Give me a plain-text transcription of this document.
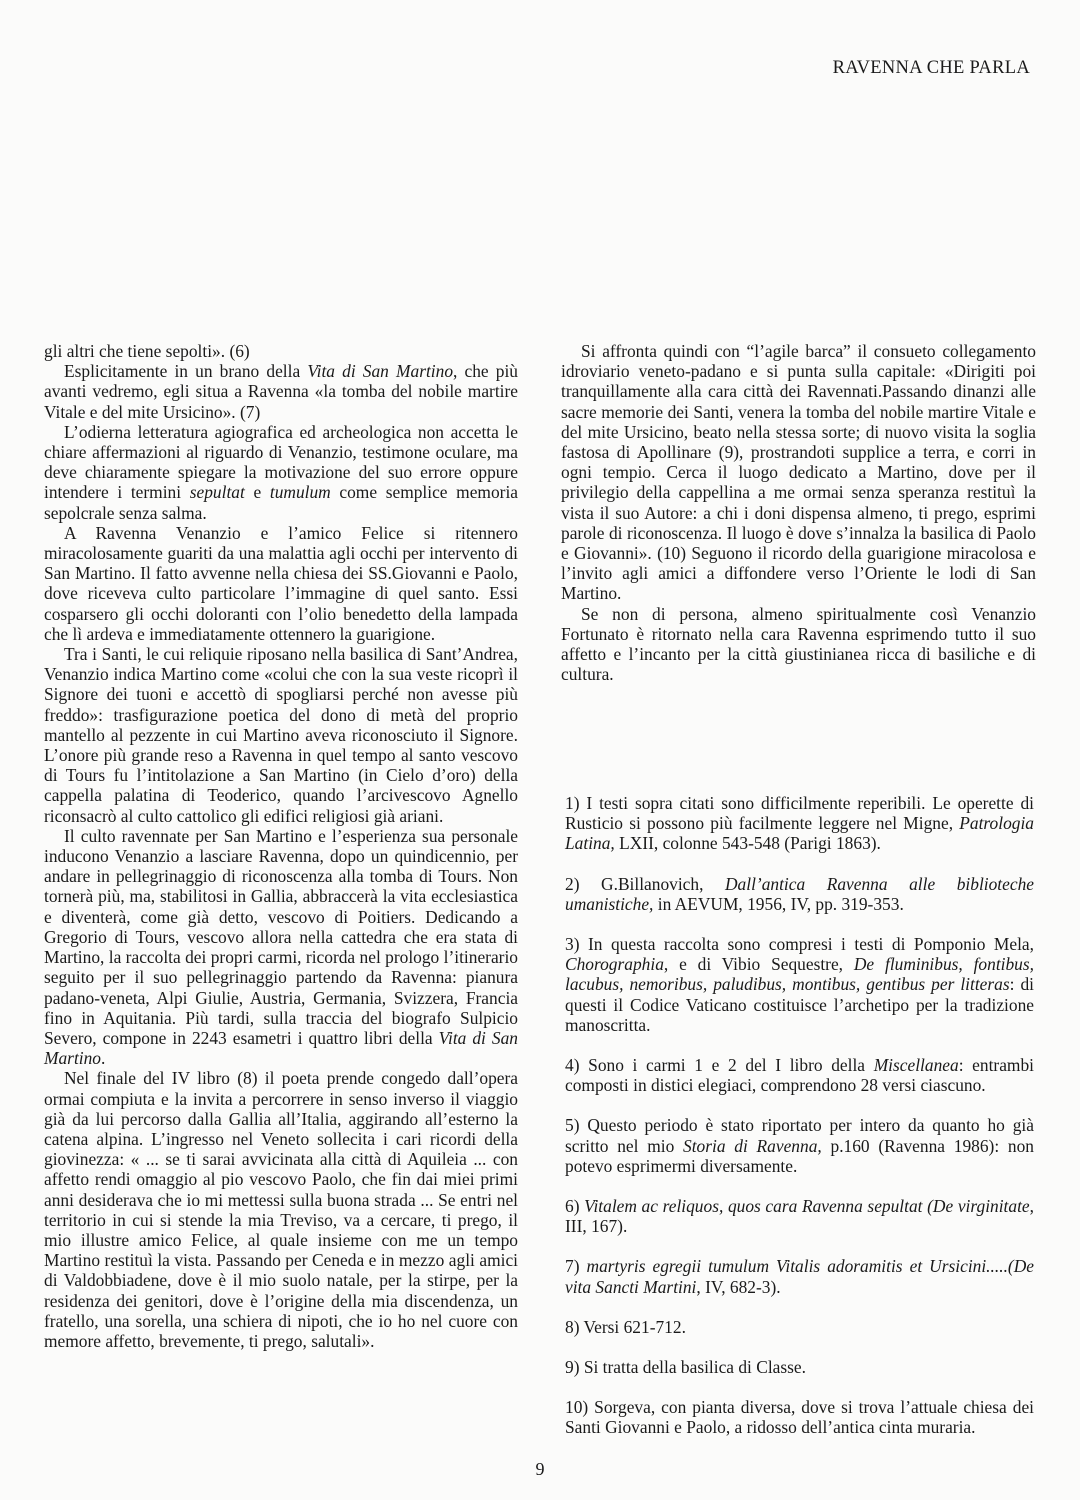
RAVENNA CHE PARLA

gli altri che tiene sepolti». (6)

Esplicitamente in un brano della Vita di San Martino, che più avanti vedremo, egli situa a Ravenna «la tomba del nobile martire Vitale e del mite Ursicino». (7)

L’odierna letteratura agiografica ed archeologica non accetta le chiare affermazioni al riguardo di Venanzio, testimone oculare, ma deve chiaramente spiegare la motivazione del suo errore oppure intendere i termini sepultat e tumulum come semplice memoria sepolcrale senza salma.

A Ravenna Venanzio e l’amico Felice si ritennero miracolosamente guariti da una malattia agli occhi per intervento di San Martino. Il fatto avvenne nella chiesa dei SS.Giovanni e Paolo, dove riceveva culto particolare l’immagine di quel santo. Essi cosparsero gli occhi doloranti con l’olio benedetto della lampada che lì ardeva e immediatamente ottennero la guarigione.

Tra i Santi, le cui reliquie riposano nella basilica di Sant’Andrea, Venanzio indica Martino come «colui che con la sua veste ricoprì il Signore dei tuoni e accettò di spogliarsi perché non avesse più freddo»: trasfigurazione poetica del dono di metà del proprio mantello al pezzente in cui Martino aveva riconosciuto il Signore. L’onore più grande reso a Ravenna in quel tempo al santo vescovo di Tours fu l’intitolazione a San Martino (in Cielo d’oro) della cappella palatina di Teoderico, quando l’arcivescovo Agnello riconsacrò al culto cattolico gli edifici religiosi già ariani.

Il culto ravennate per San Martino e l’esperienza sua personale inducono Venanzio a lasciare Ravenna, dopo un quindicennio, per andare in pellegrinaggio di riconoscenza alla tomba di Tours. Non tornerà più, ma, stabilitosi in Gallia, abbraccerà la vita ecclesiastica e diventerà, come già detto, vescovo di Poitiers. Dedicando a Gregorio di Tours, vescovo allora nella cattedra che era stata di Martino, la raccolta dei propri carmi, ricorda nel prologo l’itinerario seguito per il suo pellegrinaggio partendo da Ravenna: pianura padano-veneta, Alpi Giulie, Austria, Germania, Svizzera, Francia fino in Aquitania. Più tardi, sulla traccia del biografo Sulpicio Severo, compone in 2243 esametri i quattro libri della Vita di San Martino.

Nel finale del IV libro (8) il poeta prende congedo dall’opera ormai compiuta e la invita a percorrere in senso inverso il viaggio già da lui percorso dalla Gallia all’Italia, aggirando all’esterno la catena alpina. L’ingresso nel Veneto sollecita i cari ricordi della giovinezza: « ... se ti sarai avvicinata alla città di Aquileia ... con affetto rendi omaggio al pio vescovo Paolo, che fin dai miei primi anni desiderava che io mi mettessi sulla buona strada ... Se entri nel territorio in cui si stende la mia Treviso, va a cercare, ti prego, il mio illustre amico Felice, al quale insieme con me un tempo Martino restituì la vista. Passando per Ceneda e in mezzo agli amici di Valdobbiadene, dove è il mio suolo natale, per la stirpe, per la residenza dei genitori, dove è l’origine della mia discendenza, un fratello, una sorella, una schiera di nipoti, che io ho nel cuore con memore affetto, brevemente, ti prego, salutali».

Si affronta quindi con “l’agile barca” il consueto collegamento idroviario veneto-padano e si punta sulla capitale: «Dirigiti poi tranquillamente alla cara città dei Ravennati.Passando dinanzi alle sacre memorie dei Santi, venera la tomba del nobile martire Vitale e del mite Ursicino, beato nella stessa sorte; di nuovo visita la soglia fastosa di Apollinare (9), prostrandoti supplice a terra, e corri in ogni tempio. Cerca il luogo dedicato a Martino, dove per il privilegio della cappellina a me ormai senza speranza restituì la vista il suo Autore: a chi i doni dispensa almeno, ti prego, esprimi parole di riconoscenza. Il luogo è dove s’innalza la basilica di Paolo e Giovanni». (10) Seguono il ricordo della guarigione miracolosa e l’invito agli amici a diffondere verso l’Oriente le lodi di San Martino.

Se non di persona, almeno spiritualmente così Venanzio Fortunato è ritornato nella cara Ravenna esprimendo tutto il suo affetto e l’incanto per la città giustinianea ricca di basiliche e di cultura.

1) I testi sopra citati sono difficilmente reperibili. Le operette di Rusticio si possono più facilmente leggere nel Migne, Patrologia Latina, LXII, colonne 543-548 (Parigi 1863).

2) G.Billanovich, Dall’antica Ravenna alle biblioteche umanistiche, in AEVUM, 1956, IV, pp. 319-353.

3) In questa raccolta sono compresi i testi di Pomponio Mela, Chorographia, e di Vibio Sequestre, De fluminibus, fontibus, lacubus, nemoribus, paludibus, montibus, gentibus per litteras: di questi il Codice Vaticano costituisce l’archetipo per la tradizione manoscritta.

4) Sono i carmi 1 e 2 del I libro della Miscellanea: entrambi composti in distici elegiaci, comprendono 28 versi ciascuno.

5) Questo periodo è stato riportato per intero da quanto ho già scritto nel mio Storia di Ravenna, p.160 (Ravenna 1986): non potevo esprimermi diversamente.

6) Vitalem ac reliquos, quos cara Ravenna sepultat (De virginitate, III, 167).

7) martyris egregii tumulum Vitalis adoramitis et Ursicini.....(De vita Sancti Martini, IV, 682-3).

8) Versi 621-712.

9) Si tratta della basilica di Classe.

10) Sorgeva, con pianta diversa, dove si trova l’attuale chiesa dei Santi Giovanni e Paolo, a ridosso dell’antica cinta muraria.

9
